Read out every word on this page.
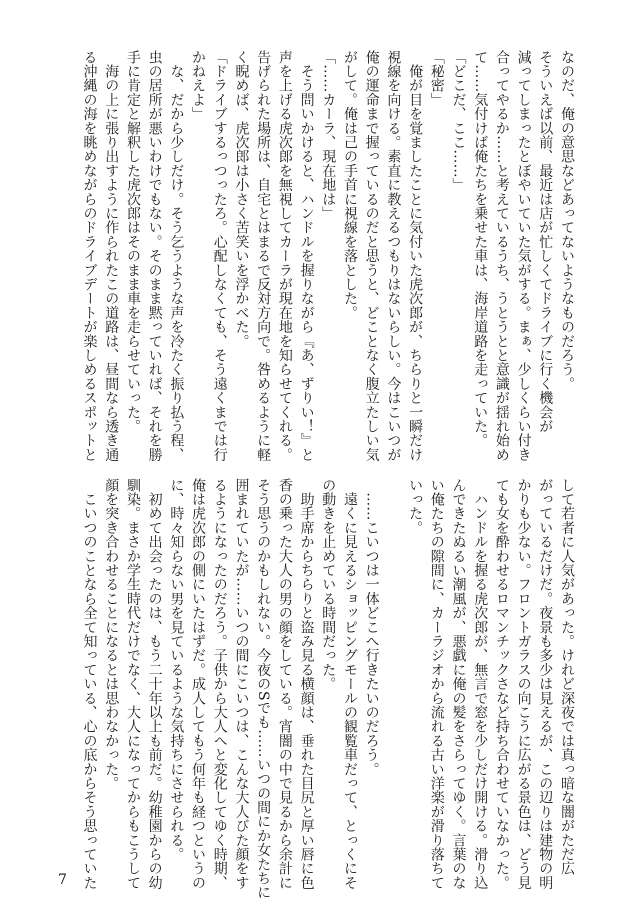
なのだ、俺の意思などあってないようなものだろう。
そういえば以前、最近は店が忙しくてドライブに行く機会が
減ってしまったとぼやいていた気がする。まぁ、少しくらい付き
合ってやるか……と考えているうち、うとうとと意識が揺れ始め
て……気付けば俺たちを乗せた車は、海岸道路を走っていた。
「どこだ、ここ……」
「秘密」
　俺が目を覚ましたことに気付いた虎次郎が、ちらりと一瞬だけ
視線を向ける。素直に教えるつもりはないらしい。今はこいつが
俺の運命まで握っているのだと思うと、どことなく腹立たしい気
がして。俺は己の手首に視線を落とした。
「……カーラ、現在地は」
　そう問いかけると、ハンドルを握りながら『あ、ずりい！』と
声を上げる虎次郎を無視してカーラが現在地を知らせてくれる。
告げられた場所は、自宅とはまるで反対方向で。咎めるように軽
く睨めば、虎次郎は小さく苦笑いを浮かべた。
「ドライブするっつったろ。心配しなくても、そう遠くまでは行
かねえよ」
　な、だから少しだけ。そう乞うような声を冷たく振り払う程、
虫の居所が悪いわけでもない。そのまま黙っていれば、それを勝
手に肯定と解釈した虎次郎はそのまま車を走らせていった。
　海の上に張り出すように作られたこの道路は、昼間なら透き通
る沖縄の海を眺めながらのドライブデートが楽しめるスポットと
して若者に人気があった。けれど深夜では真っ暗な闇がただ広
がっているだけだ。夜景も多少は見えるが、この辺りは建物の明
かりも少ない。フロントガラスの向こうに広がる景色は、どう見
ても女を酔わせるロマンチックさなど持ち合わせていなかった。
　ハンドルを握る虎次郎が、無言で窓を少しだけ開ける。滑り込
んできたぬるい潮風が、悪戯に俺の髪をさらってゆく。言葉のな
い俺たちの隙間に、カーラジオから流れる古い洋楽が滑り落ちて
いった。

　……こいつは一体どこへ行きたいのだろう。
　遠くに見えるショッピングモールの観覧車だって、とっくにそ
の動きを止めている時間だった。
　助手席からちらりと盗み見る横顔は、垂れた目尻と厚い唇に色
香の乗った大人の男の顔をしている。宵闇の中で見るから余計に
そう思うのかもしれない。今夜のSでも……いつの間にか女たちに
囲まれていたが……いつの間にこいつは、こんな大人びた顔をす
るようになったのだろう。子供から大人へと変化してゆく時期、
俺は虎次郎の側にいたはずだ。成人してもう何年も経つというの
に、時々知らない男を見ているような気持ちにさせられる。
　初めて出会ったのは、もう二十年以上も前だ。幼稚園からの幼
馴染。まさか学生時代だけでなく、大人になってからもこうして
顔を突き合わせることになるとは思わなかった。
　こいつのことなら全て知っている、心の底からそう思っていた
7
